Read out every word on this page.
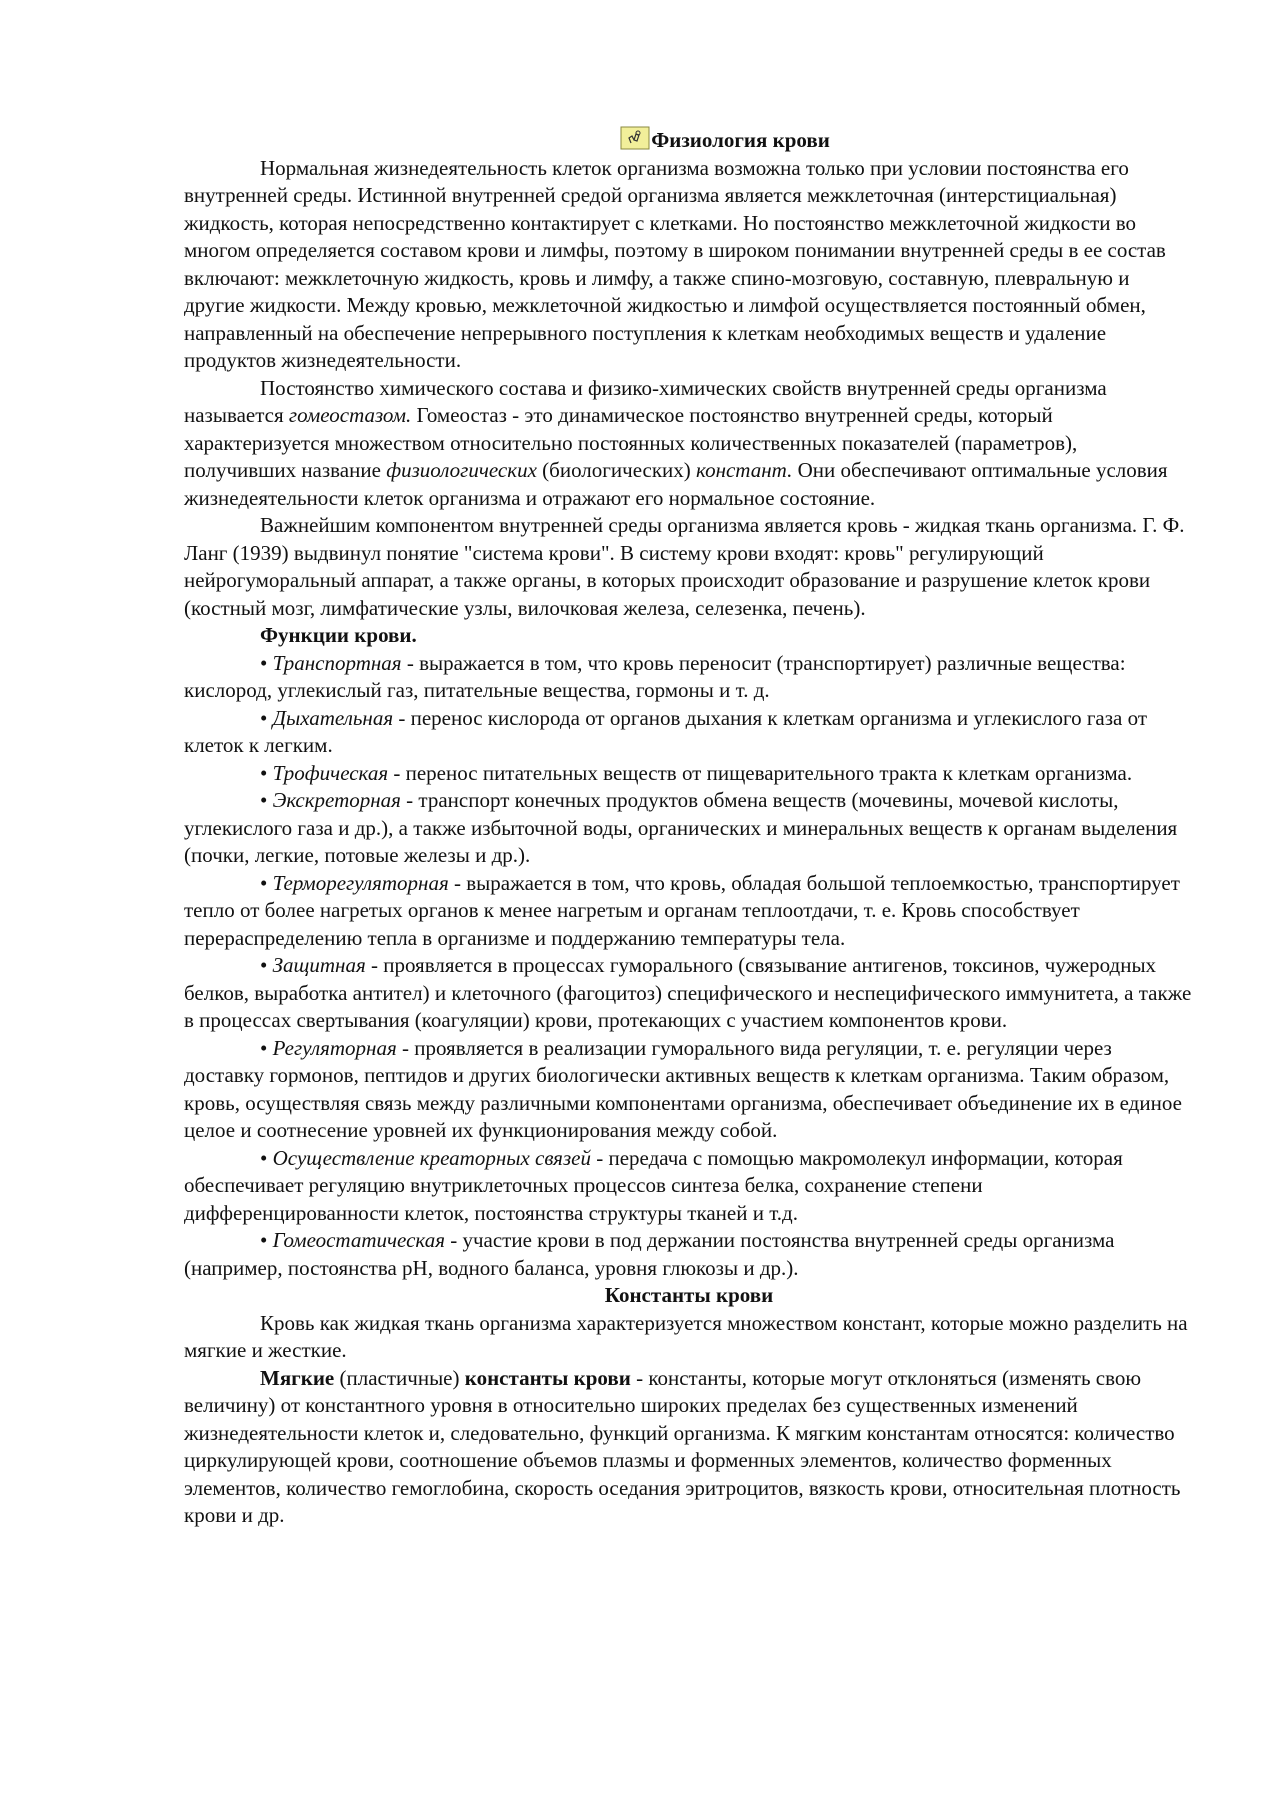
Физиология крови

Нормальная жизнедеятельность клеток организма возможна только при условии постоянства его внутренней среды. Истинной внутренней средой организма является межклеточная (интерстициальная) жидкость, которая непосредственно контактирует с клетками. Но постоянство межклеточной жидкости во многом определяется составом крови и лимфы, поэтому в широком понимании внутренней среды в ее состав включают: межклеточную жидкость, кровь и лимфу, а также спино-мозговую, составную, плевральную и другие жидкости. Между кровью, межклеточной жидкостью и лимфой осуществляется постоянный обмен, направленный на обеспечение непрерывного поступления к клеткам необходимых веществ и удаление продуктов жизнедеятельности.

Постоянство химического состава и физико-химических свойств внутренней среды организма называется гомеостазом. Гомеостаз - это динамическое постоянство внутренней среды, который характеризуется множеством относительно постоянных количественных показателей (параметров), получивших название физиологических (биологических) констант. Они обеспечивают оптимальные условия жизнедеятельности клеток организма и отражают его нормальное состояние.

Важнейшим компонентом внутренней среды организма является кровь - жидкая ткань организма. Г. Ф. Ланг (1939) выдвинул понятие "система крови". В систему крови входят: кровь" регулирующий нейрогуморальный аппарат, а также органы, в которых происходит образование и разрушение клеток крови (костный мозг, лимфатические узлы, вилочковая железа, селезенка, печень).

Функции крови.

• Транспортная - выражается в том, что кровь переносит (транспортирует) различные вещества: кислород, углекислый газ, питательные вещества, гормоны и т. д.

• Дыхательная - перенос кислорода от органов дыхания к клеткам организма и углекислого газа от клеток к легким.

• Трофическая - перенос питательных веществ от пищеварительного тракта к клеткам организма.

• Экскреторная - транспорт конечных продуктов обмена веществ (мочевины, мочевой кислоты, углекислого газа и др.), а также избыточной воды, органических и минеральных веществ к органам выделения (почки, легкие, потовые железы и др.).

• Терморегуляторная - выражается в том, что кровь, обладая большой теплоемкостью, транспортирует тепло от более нагретых органов к менее нагретым и органам теплоотдачи, т. е. Кровь способствует перераспределению тепла в организме и поддержанию температуры тела.

• Защитная - проявляется в процессах гуморального (связывание антигенов, токсинов, чужеродных белков, выработка антител) и клеточного (фагоцитоз) специфического и неспецифического иммунитета, а также в процессах свертывания (коагуляции) крови, протекающих с участием компонентов крови.

• Регуляторная - проявляется в реализации гуморального вида регуляции, т. е. регуляции через доставку гормонов, пептидов и других биологически активных веществ к клеткам организма. Таким образом, кровь, осуществляя связь между различными компонентами организма, обеспечивает объединение их в единое целое и соотнесение уровней их функционирования между собой.

• Осуществление креаторных связей - передача с помощью макромолекул информации, которая обеспечивает регуляцию внутриклеточных процессов синтеза белка, сохранение степени дифференцированности клеток, постоянства структуры тканей и т.д.

• Гомеостатическая - участие крови в под держании постоянства внутренней среды организма (например, постоянства рН, водного баланса, уровня глюкозы и др.).

Константы крови

Кровь как жидкая ткань организма характеризуется множеством констант, которые можно разделить на мягкие и жесткие.

Мягкие (пластичные) константы крови - константы, которые могут отклоняться (изменять свою величину) от константного уровня в относительно широких пределах без существенных изменений жизнедеятельности клеток и, следовательно, функций организма. К мягким константам относятся: количество циркулирующей крови, соотношение объемов плазмы и форменных элементов, количество форменных элементов, количество гемоглобина, скорость оседания эритроцитов, вязкость крови, относительная плотность крови и др.
